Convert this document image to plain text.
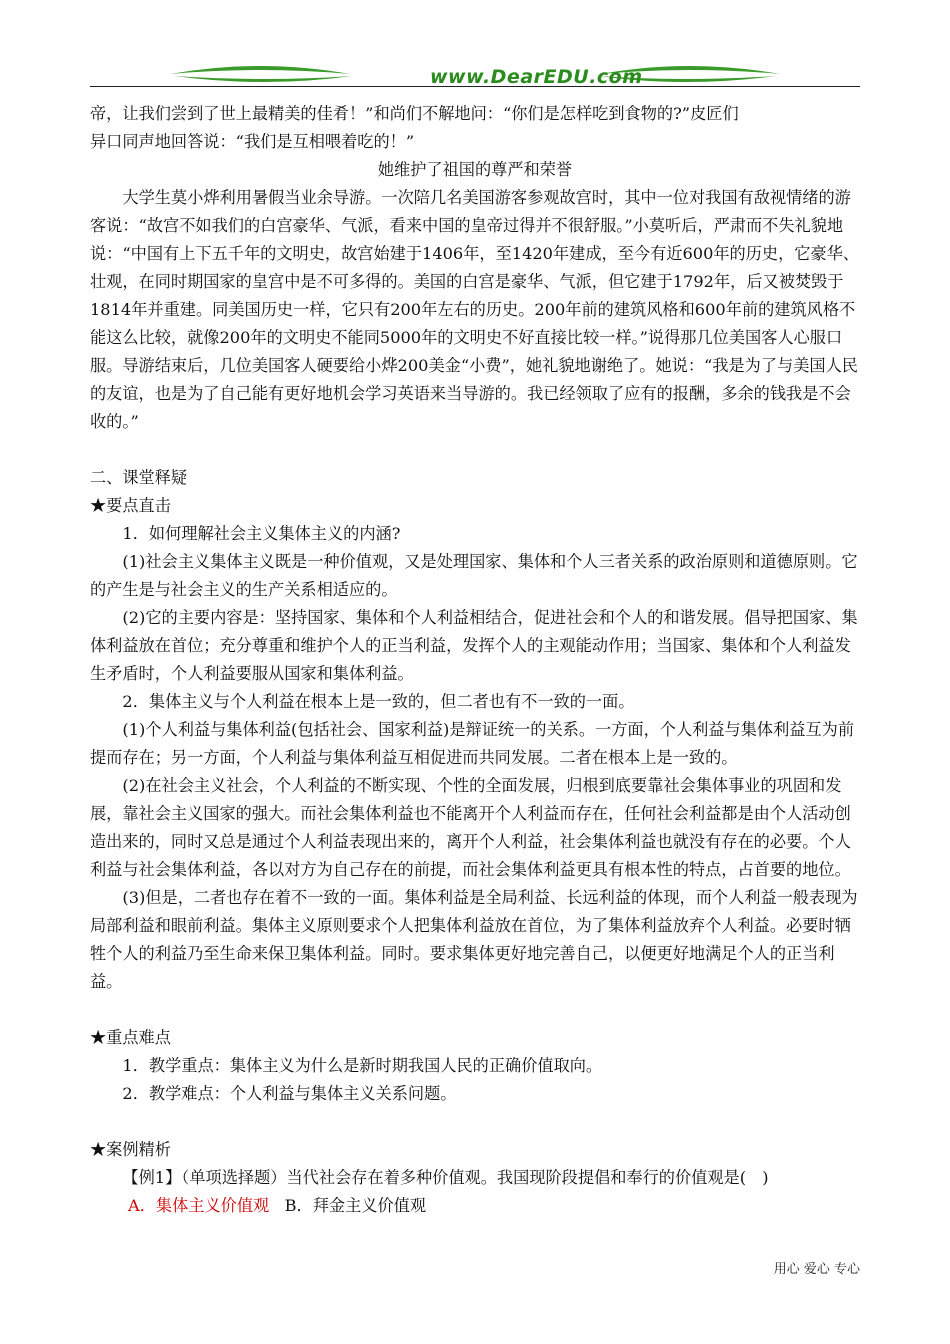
www.DearEDU.com

帝，让我们尝到了世上最精美的佳肴！”和尚们不解地问：“你们是怎样吃到食物的?”皮匠们

异口同声地回答说：“我们是互相喂着吃的！”

她维护了祖国的尊严和荣誉

大学生莫小烨利用暑假当业余导游。一次陪几名美国游客参观故宫时，其中一位对我国有敌视情绪的游客说：“故宫不如我们的白宫豪华、气派，看来中国的皇帝过得并不很舒服。”小莫听后，严肃而不失礼貌地说：“中国有上下五千年的文明史，故宫始建于1406年，至1420年建成，至今有近600年的历史，它豪华、壮观，在同时期国家的皇宫中是不可多得的。美国的白宫是豪华、气派，但它建于1792年，后又被焚毁于1814年并重建。同美国历史一样，它只有200年左右的历史。200年前的建筑风格和600年前的建筑风格不能这么比较，就像200年的文明史不能同5000年的文明史不好直接比较一样。”说得那几位美国客人心服口服。导游结束后，几位美国客人硬要给小烨200美金“小费”，她礼貌地谢绝了。她说：“我是为了与美国人民的友谊，也是为了自己能有更好地机会学习英语来当导游的。我已经领取了应有的报酬，多余的钱我是不会收的。”

二、课堂释疑

★要点直击

1．如何理解社会主义集体主义的内涵?

(1)社会主义集体主义既是一种价值观，又是处理国家、集体和个人三者关系的政治原则和道德原则。它的产生是与社会主义的生产关系相适应的。

(2)它的主要内容是：坚持国家、集体和个人利益相结合，促进社会和个人的和谐发展。倡导把国家、集体利益放在首位；充分尊重和维护个人的正当利益，发挥个人的主观能动作用；当国家、集体和个人利益发生矛盾时，个人利益要服从国家和集体利益。

2．集体主义与个人利益在根本上是一致的，但二者也有不一致的一面。

(1)个人利益与集体利益(包括社会、国家利益)是辩证统一的关系。一方面，个人利益与集体利益互为前提而存在；另一方面，个人利益与集体利益互相促进而共同发展。二者在根本上是一致的。

(2)在社会主义社会，个人利益的不断实现、个性的全面发展，归根到底要靠社会集体事业的巩固和发展，靠社会主义国家的强大。而社会集体利益也不能离开个人利益而存在，任何社会利益都是由个人活动创造出来的，同时又总是通过个人利益表现出来的，离开个人利益，社会集体利益也就没有存在的必要。个人利益与社会集体利益，各以对方为自己存在的前提，而社会集体利益更具有根本性的特点，占首要的地位。

(3)但是，二者也存在着不一致的一面。集体利益是全局利益、长远利益的体现，而个人利益一般表现为局部利益和眼前利益。集体主义原则要求个人把集体利益放在首位，为了集体利益放弃个人利益。必要时牺牲个人的利益乃至生命来保卫集体利益。同时。要求集体更好地完善自己，以便更好地满足个人的正当利益。

★重点难点

1．教学重点：集体主义为什么是新时期我国人民的正确价值取向。

2．教学难点：个人利益与集体主义关系问题。

★案例精析

【例1】（单项选择题）当代社会存在着多种价值观。我国现阶段提倡和奉行的价值观是(　)

A．集体主义价值观 B．拜金主义价值观

用心 爱心 专心
